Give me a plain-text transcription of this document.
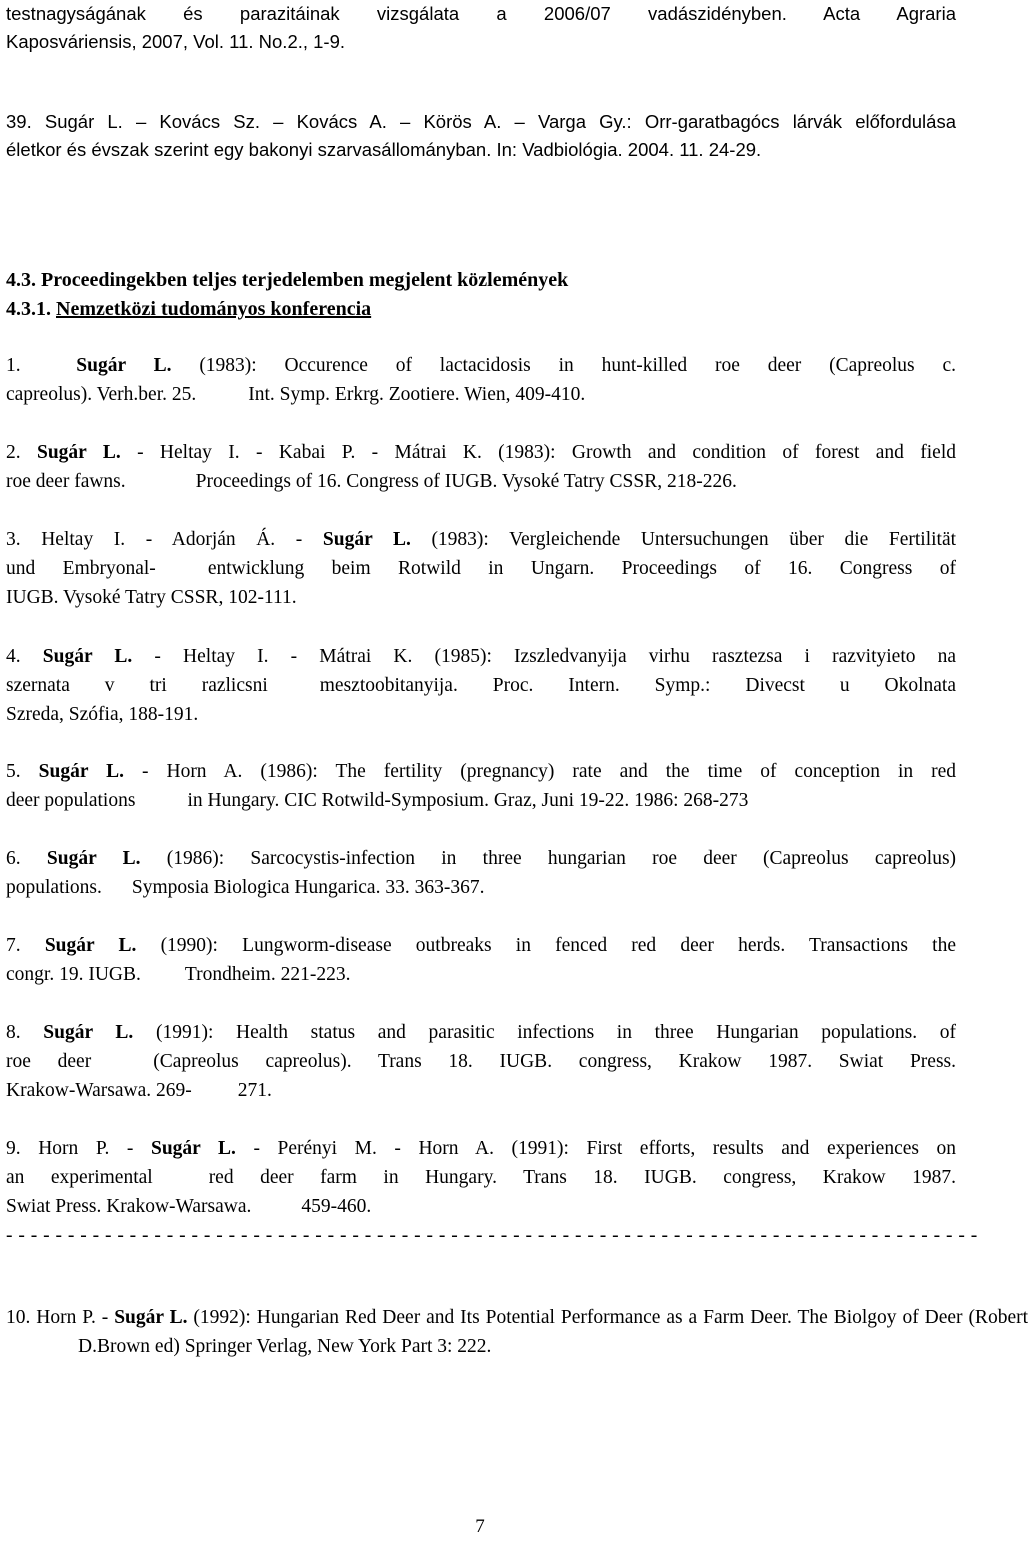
testnagyságának és parazitáinak vizsgálata a 2006/07 vadászidényben. Acta Agraria
Kaposváriensis, 2007, Vol. 11. No.2., 1-9.
39. Sugár L. – Kovács Sz. – Kovács A. – Körös A. – Varga Gy.: Orr-garatbagócs lárvák előfordulása
életkor és évszak szerint egy bakonyi szarvasállományban. In: Vadbiológia. 2004. 11. 24-29.
4.3. Proceedingekben teljes terjedelemben megjelent közlemények
4.3.1. Nemzetközi tudományos konferencia
1.	Sugár L. (1983): Occurence of lactacidosis in hunt-killed roe deer (Capreolus c.
capreolus). Verh.ber. 25.	Int. Symp. Erkrg. Zootiere. Wien, 409-410.
2. Sugár L. - Heltay I. - Kabai P. - Mátrai K. (1983): Growth and condition of forest and field
roe deer fawns.	Proceedings of 16. Congress of IUGB. Vysoké Tatry CSSR, 218-226.
3. Heltay I. - Adorján Á. - Sugár L. (1983): Vergleichende Untersuchungen über die Fertilität
und Embryonal-	entwicklung beim Rotwild in Ungarn. Proceedings of 16. Congress of
IUGB. Vysoké Tatry CSSR, 102-111.
4. Sugár L. - Heltay I. - Mátrai K. (1985): Izszledvanyija virhu rasztezsa i razvityieto na
szernata v tri razlicsni	mesztoobitanyija. Proc. Intern. Symp.: Divecst u Okolnata
Szreda, Szófia, 188-191.
5. Sugár L. - Horn A. (1986): The fertility (pregnancy) rate and the time of conception in red
deer populations	in Hungary. CIC Rotwild-Symposium. Graz, Juni 19-22. 1986: 268-273
6. Sugár L. (1986): Sarcocystis-infection in three hungarian roe deer (Capreolus capreolus)
populations. Symposia Biologica Hungarica. 33. 363-367.
7. Sugár L. (1990): Lungworm-disease outbreaks in fenced red deer herds. Transactions the
congr. 19. IUGB. Trondheim. 221-223.
8. Sugár L. (1991): Health status and parasitic infections in three Hungarian populations. of
roe deer	(Capreolus capreolus). Trans 18. IUGB. congress, Krakow 1987. Swiat Press.
Krakow-Warsawa. 269- 271.
9. Horn P. - Sugár L. - Perényi M. - Horn A. (1991): First efforts, results and experiences on
an experimental	red deer farm in Hungary. Trans 18. IUGB. congress, Krakow 1987.
Swiat Press. Krakow-Warsawa.	459-460.
- - - - - - - - - - - - - - - - - - - - - - - - - - - - - - - - - - - - - - - - - - - - - - - - - - - - - - - - - - - - - - - - - - - - - - - - - - - - - - -
10. Horn P. - Sugár L. (1992): Hungarian Red Deer and Its Potential Performance as a Farm Deer. The Biolgoy of Deer (Robert D.Brown ed) Springer Verlag, New York Part 3: 222.
7
